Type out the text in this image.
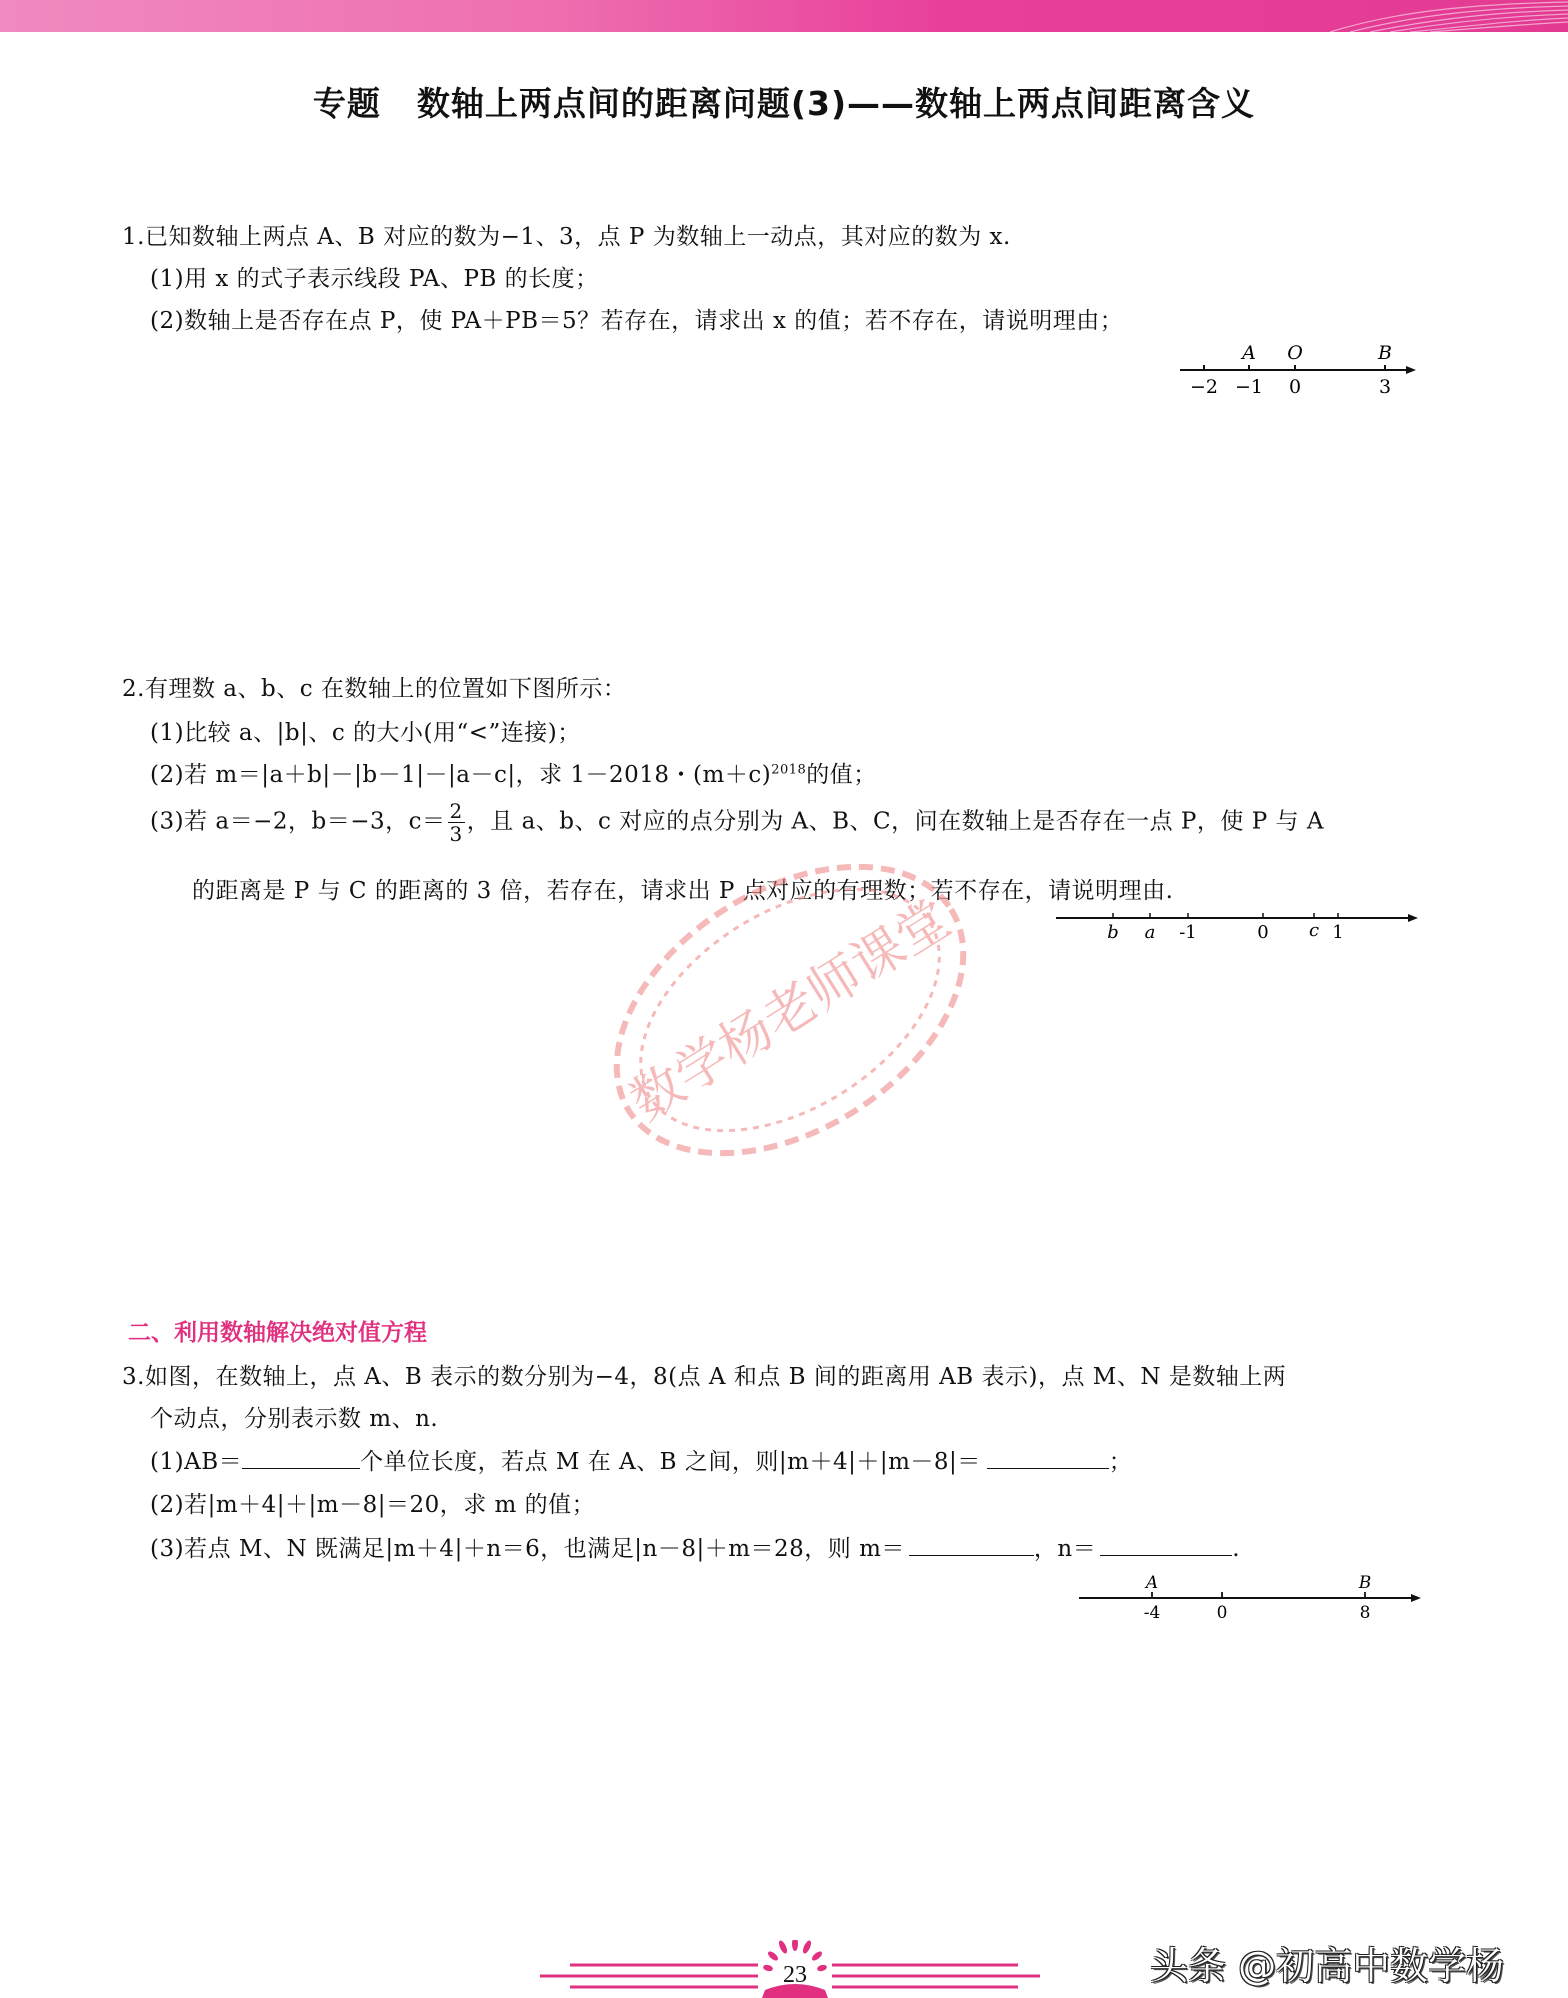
专题 数轴上两点间的距离问题(3)——数轴上两点间距离含义
1.已知数轴上两点 A、B 对应的数为−1、3，点 P 为数轴上一动点，其对应的数为 x.
(1)用 x 的式子表示线段 PA、PB 的长度；
(2)数轴上是否存在点 P，使 PA＋PB＝5？若存在，请求出 x 的值；若不存在，请说明理由；
A O	B
−2 −1 0	3
2.有理数 a、b、c 在数轴上的位置如下图所示：
(1)比较 a、|b|、c 的大小(用“<”连接)；
(2)若 m＝|a＋b|－|b－1|－|a－c|，求 1－2018・$(m+c)^{2018}$的值；
(3)若 a＝−2，b＝−3，$c= \frac{2}{3}$ ，且 a、b、c 对应的点分别为 A、B、C，问在数轴上是否存在一点 P，使 P 与 A
的距离是 P 与 C 的距离的 3 倍，若存在，请求出 P 点对应的有理数；若不存在，请说明理由.
b a -1	0 c 1
数学杨老师课堂
二、利用数轴解决绝对值方程
3.如图，在数轴上，点 A、B 表示的数分别为−4，8(点 A 和点 B 间的距离用 AB 表示)，点 M、N 是数轴上两
个动点，分别表示数 m、n.
(1)AB＝	个单位长度，若点 M 在 A、B 之间，则|m＋4|＋|m－8|＝	；
(2)若|m＋4|＋|m－8|＝20，求 m 的值；
(3)若点 M、N 既满足|m＋4|＋n＝6，也满足|n－8|＋m＝28，则 m＝	，n＝	.
A	B
-4	0	8
23	头条 @初高中数学杨
